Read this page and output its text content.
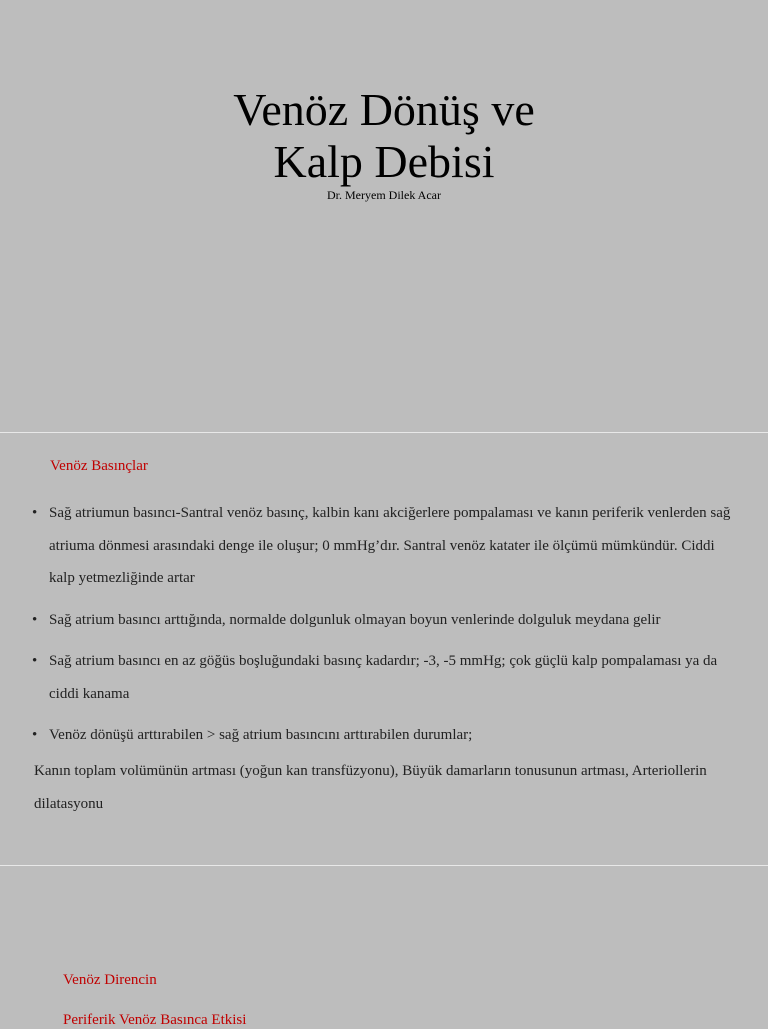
Venöz Dönüş ve
Kalp Debisi
Dr. Meryem Dilek Acar
Venöz Basınçlar
• Sağ atriumun basıncı-Santral venöz basınç, kalbin kanı akciğerlere pompalaması ve kanın periferik venlerden sağ atriuma dönmesi arasındaki denge ile oluşur; 0 mmHg’dır. Santral venöz katater ile ölçümü mümkündür. Ciddi kalp yetmezliğinde artar
• Sağ atrium basıncı arttığında, normalde dolgunluk olmayan boyun venlerinde dolguluk meydana gelir
• Sağ atrium basıncı en az göğüs boşluğundaki basınç kadardır; -3, -5 mmHg; çok güçlü kalp pompalaması ya da ciddi kanama
• Venöz dönüşü arttırabilen > sağ atrium basıncını arttırabilen durumlar;
Kanın toplam volümünün artması (yoğun kan transfüzyonu), Büyük damarların tonusunun artması, Arteriollerin dilatasyonu
Venöz Direncin
Periferik Venöz Basınca Etkisi
